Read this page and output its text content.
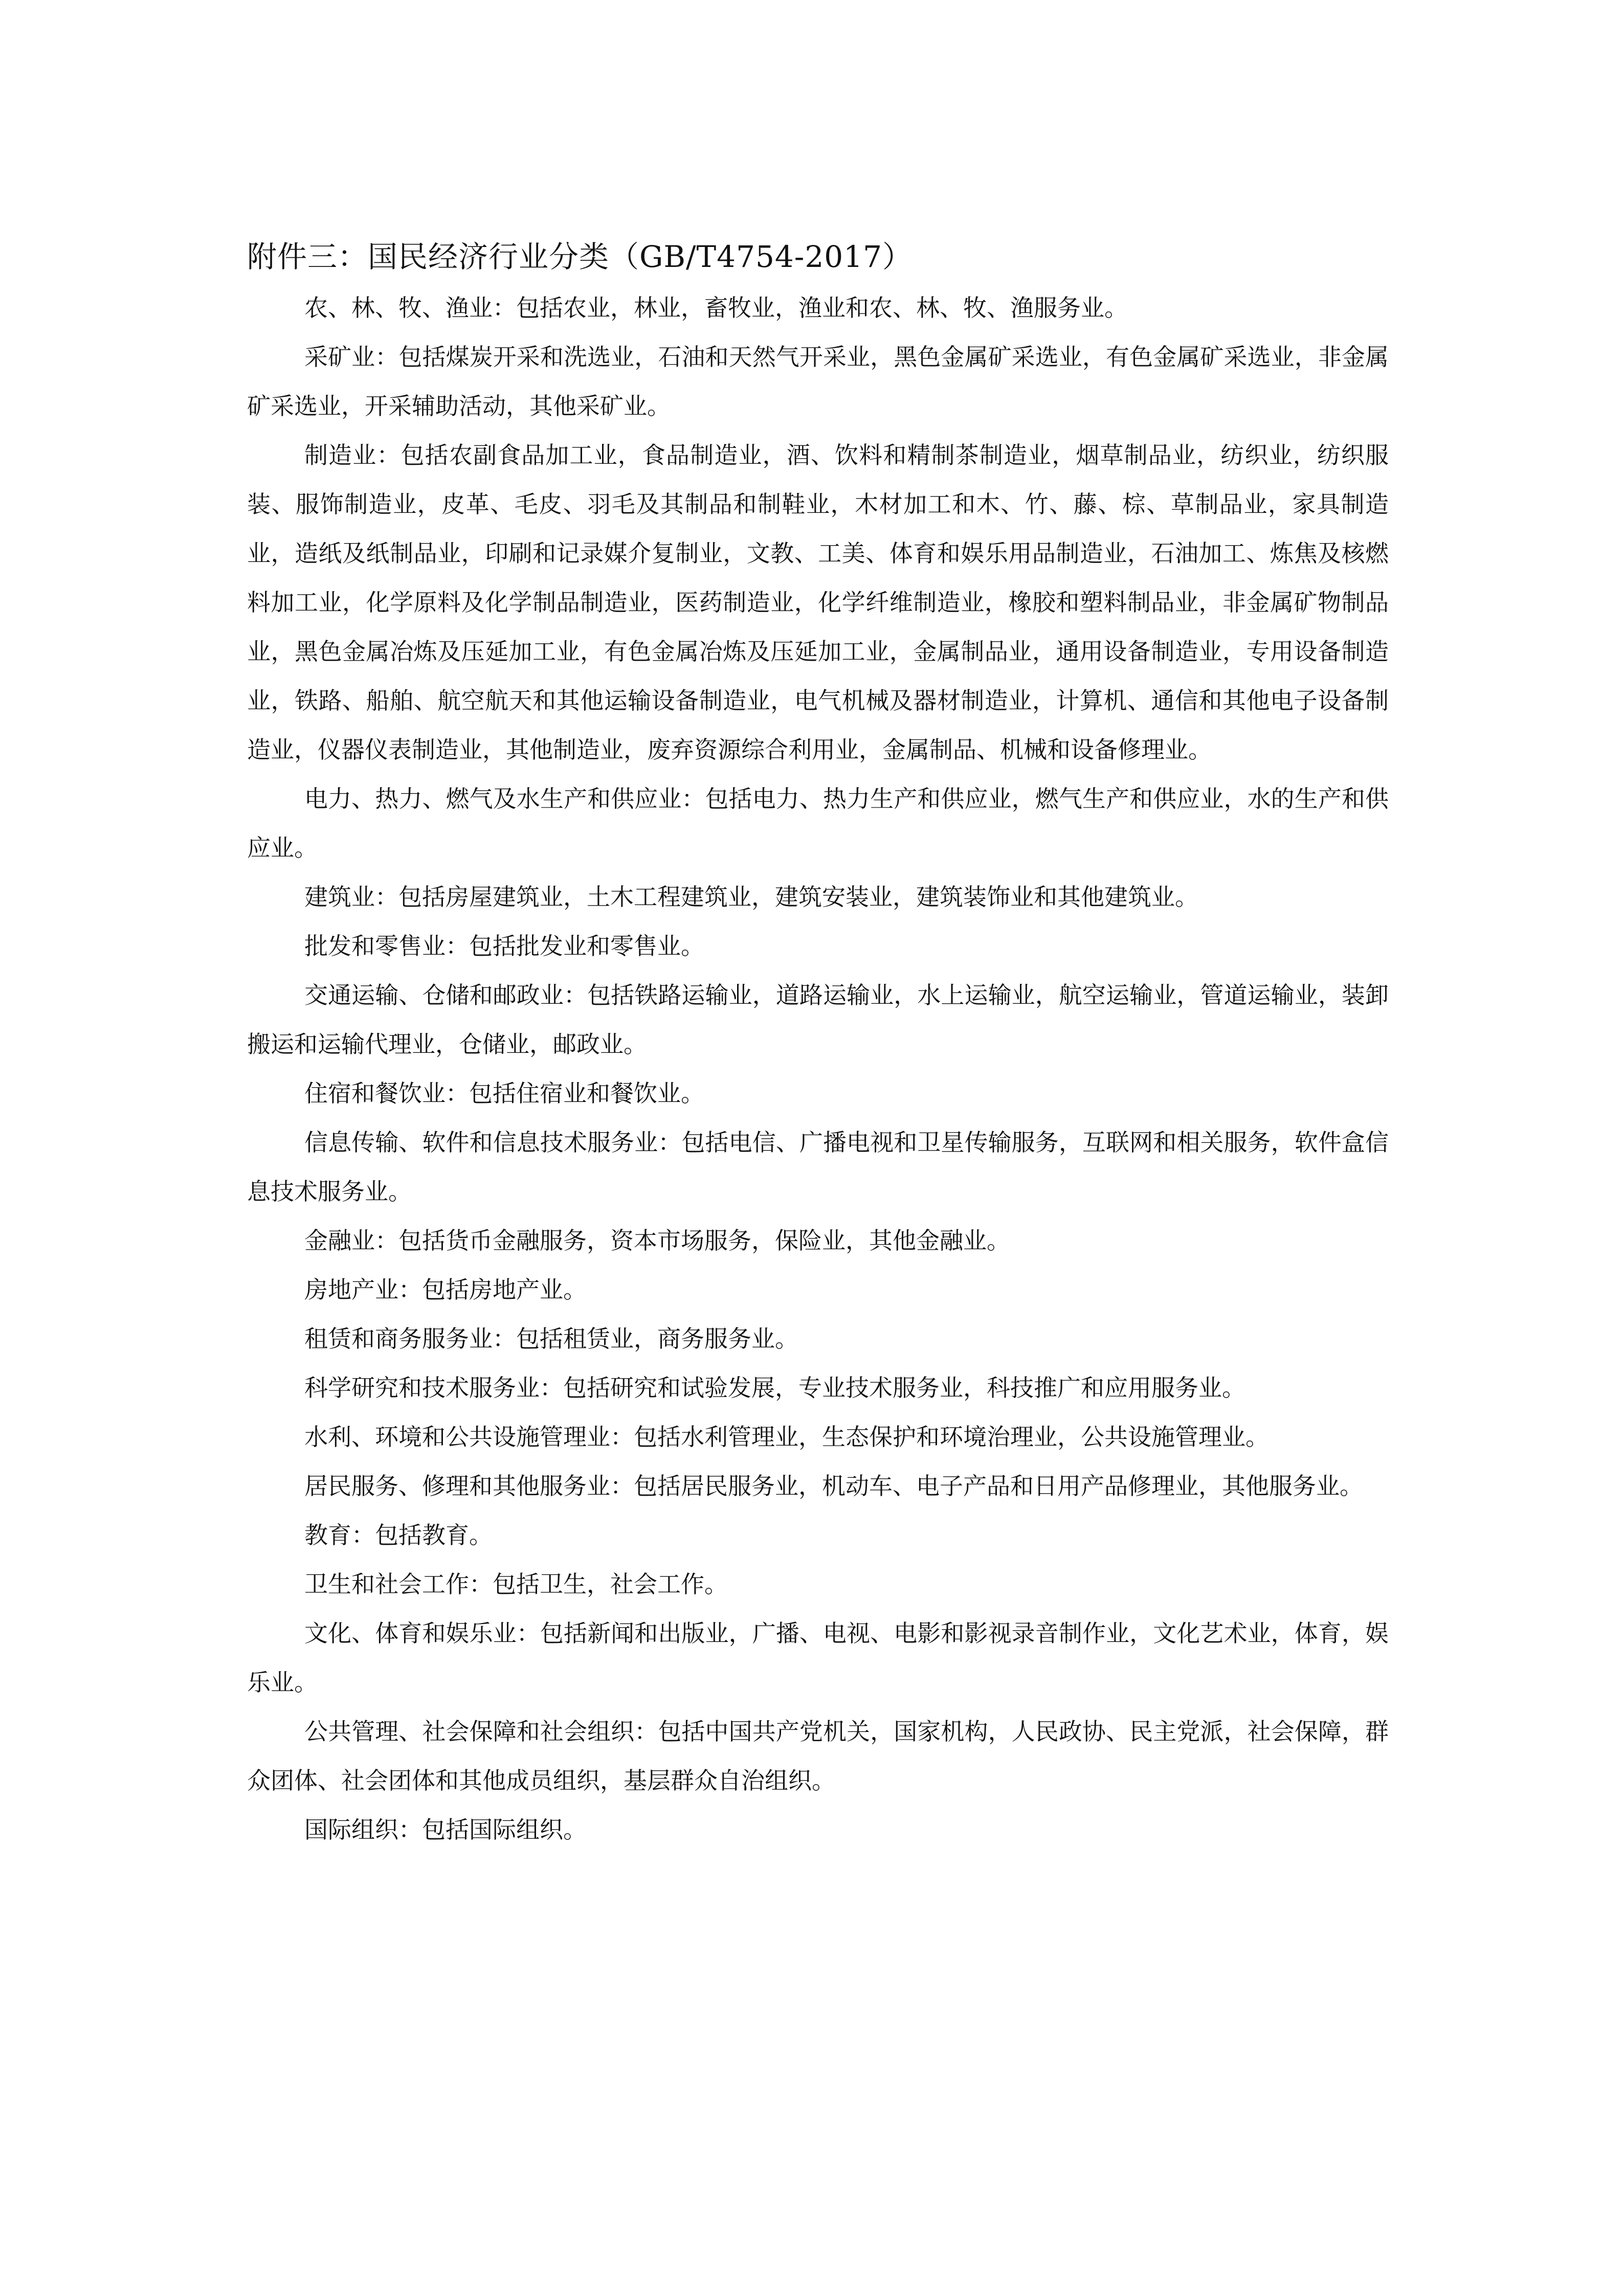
附件三：国民经济行业分类（GB/T4754-2017）

农、林、牧、渔业：包括农业，林业，畜牧业，渔业和农、林、牧、渔服务业。

采矿业：包括煤炭开采和洗选业，石油和天然气开采业，黑色金属矿采选业，有色金属矿采选业，非金属矿采选业，开采辅助活动，其他采矿业。

制造业：包括农副食品加工业，食品制造业，酒、饮料和精制茶制造业，烟草制品业，纺织业，纺织服装、服饰制造业，皮革、毛皮、羽毛及其制品和制鞋业，木材加工和木、竹、藤、棕、草制品业，家具制造业，造纸及纸制品业，印刷和记录媒介复制业，文教、工美、体育和娱乐用品制造业，石油加工、炼焦及核燃料加工业，化学原料及化学制品制造业，医药制造业，化学纤维制造业，橡胶和塑料制品业，非金属矿物制品业，黑色金属冶炼及压延加工业，有色金属冶炼及压延加工业，金属制品业，通用设备制造业，专用设备制造业，铁路、船舶、航空航天和其他运输设备制造业，电气机械及器材制造业，计算机、通信和其他电子设备制造业，仪器仪表制造业，其他制造业，废弃资源综合利用业，金属制品、机械和设备修理业。

电力、热力、燃气及水生产和供应业：包括电力、热力生产和供应业，燃气生产和供应业，水的生产和供应业。

建筑业：包括房屋建筑业，土木工程建筑业，建筑安装业，建筑装饰业和其他建筑业。

批发和零售业：包括批发业和零售业。

交通运输、仓储和邮政业：包括铁路运输业，道路运输业，水上运输业，航空运输业，管道运输业，装卸搬运和运输代理业，仓储业，邮政业。

住宿和餐饮业：包括住宿业和餐饮业。

信息传输、软件和信息技术服务业：包括电信、广播电视和卫星传输服务，互联网和相关服务，软件盒信息技术服务业。

金融业：包括货币金融服务，资本市场服务，保险业，其他金融业。

房地产业：包括房地产业。

租赁和商务服务业：包括租赁业，商务服务业。

科学研究和技术服务业：包括研究和试验发展，专业技术服务业，科技推广和应用服务业。

水利、环境和公共设施管理业：包括水利管理业，生态保护和环境治理业，公共设施管理业。

居民服务、修理和其他服务业：包括居民服务业，机动车、电子产品和日用产品修理业，其他服务业。

教育：包括教育。

卫生和社会工作：包括卫生，社会工作。

文化、体育和娱乐业：包括新闻和出版业，广播、电视、电影和影视录音制作业，文化艺术业，体育，娱乐业。

公共管理、社会保障和社会组织：包括中国共产党机关，国家机构，人民政协、民主党派，社会保障，群众团体、社会团体和其他成员组织，基层群众自治组织。

国际组织：包括国际组织。
